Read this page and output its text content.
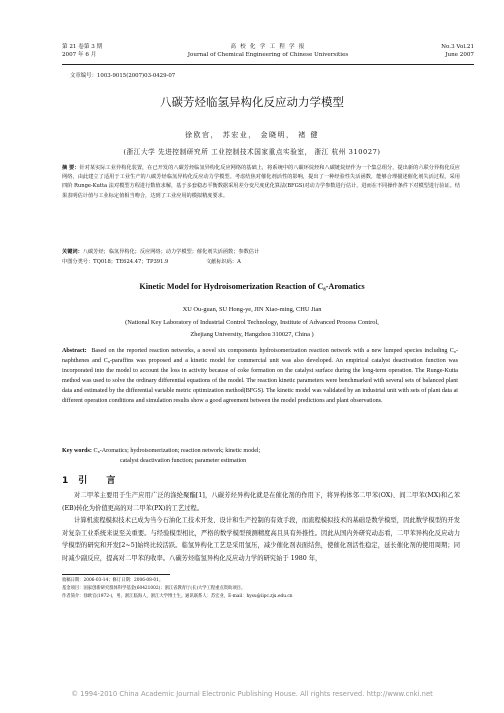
第 21 卷第 3 期
2007 年 6 月
高 校 化 学 工 程 学 报
Journal of Chemical Engineering of Chinese Universities
No.3 Vol.21
June 2007
文章编号：1003-9015(2007)03-0429-07
八碳芳烃临氢异构化反应动力学模型
徐欧官， 苏宏业， 金晓明， 褚 健
(浙江大学 先进控制研究所 工业控制技术国家重点实验室， 浙江 杭州 310027)
摘 要：针对某实际工业异构化装置，在已开发的八碳芳烃临氢异构化反应网络的基础上，将系统中的八碳环烷烃和八碳链烷烃作为一个集总组分，提出新的六联分异构化反应网络，由此建立了适用于工业生产的八碳芳烃临氢异构化反应动力学模型。考虑结焦对催化剂活性的影响，提出了一种经验性失活函数，能够合理描述催化剂失活过程。采用四阶 Runge-Kutta 法对模型方程进行数值求解，基于多套稳态平衡数据采用差分变尺度优化算法(BFGS)对动力学参数进行估计，进而在不同操作条件下对模型进行验证。结果表明估计值与工业标定值相当吻合，达到了工业应用的模拟精度要求。
关键词：八碳芳烃；临氢异构化；反应网络；动力学模型；催化剂失活函数；参数估计
中图分类号：TQ018；TE624.47；TP391.9	文献标识码：A
Kinetic Model for Hydroisomerization Reaction of C₈-Aromatics
XU Ou-guan, SU Hong-ye, JIN Xiao-ming, CHU Jian
(National Key Laboratory of Industrial Control Technology, Institute of Advanced Process Control,
Zhejiang University, Hangzhou 310027, China )
Abstract: Based on the reported reaction networks, a novel six components hydroisomerization reaction network with a new lumped species including C₈-naphthenes and C₈-paraffins was proposed and a kinetic model for commercial unit was also developed. An empirical catalyst deactivation function was incorporated into the model to account the loss in activity because of coke formation on the catalyst surface during the long-term operation. The Runge-Kutta method was used to solve the ordinary differential equations of the model. The reaction kinetic parameters were benchmarked with several sets of balanced plant data and estimated by the differential variable metric optimization method(BFGS). The kinetic model was validated by an industrial unit with sets of plant data at different operation conditions and simulation results show a good agreement between the model predictions and plant observations.
Key words: C₈-Aromatics; hydroisomerization; reaction network; kinetic model;
catalyst deactivation function; parameter estimation
1引 言

对二甲苯主要用于生产应用广泛的涤纶聚酯[1]，八碳芳烃异构化就是在催化剂的作用下，将异构体邻二甲苯(OX)、间二甲苯(MX)和乙苯(EB)转化为价值更高的对二甲苯(PX)的工艺过程。

计算机流程模拟技术已成为当今石油化工技术开发、设计和生产控制的有效手段，而流程模拟技术的基础是数学模型，因此数学模型的开发对复杂工业系统来说至关重要。与经验模型相比，严格的数学模型预测精度高且具有外推性。因此从国内外研究动态看，二甲苯异构化反应动力学模型的研究和开发[2~5]始终比较活跃。临氢异构化工艺是采用氢压，减少催化剂表面结焦，使催化剂活性稳定，延长催化剂的使用周期；同时减少副反应，提高对二甲苯的收率。八碳芳烃临氢异构化反应动力学的研究始于 1980 年，

收稿日期：2006-03-14；修订日期：2006-08-01。
基金项目：国家创新研究群体科学基金(60421002)；浙江省教育厅(长)大学工程重点资助项目。
作者简介：徐欧官(1972-)，男，浙江临海人，浙江大学博士生。通讯联系人：苏宏业，E-mail：hysu@iipc.zju.edu.cn
© 1994-2010 China Academic Journal Electronic Publishing House. All rights reserved. http://www.cnki.net
